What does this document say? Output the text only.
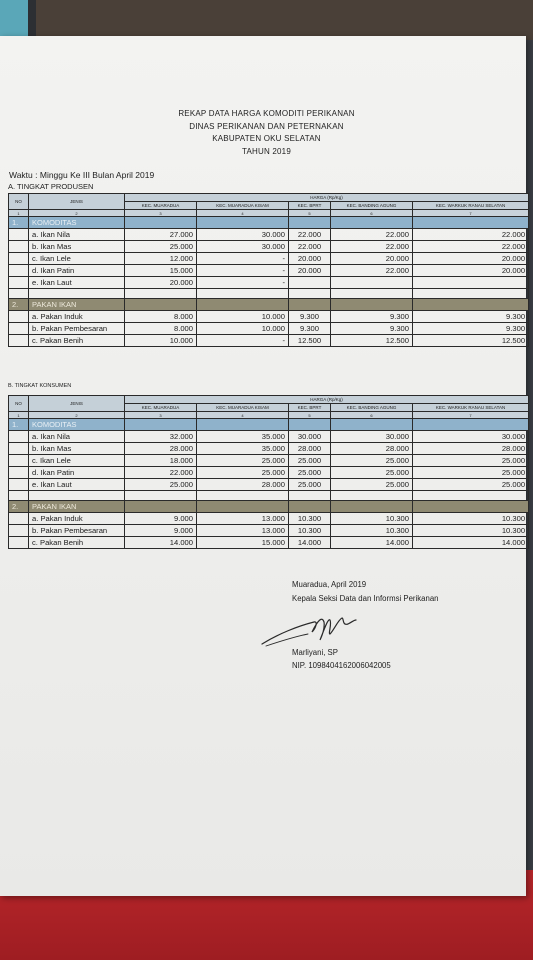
REKAP DATA HARGA KOMODITI PERIKANAN
DINAS PERIKANAN DAN PETERNAKAN
KABUPATEN OKU SELATAN
TAHUN 2019
Waktu : Minggu Ke III Bulan April 2019
A. TINGKAT PRODUSEN
NO	JENIS	HARGA (Rp/Kg)				
		KEC. MUARADUA	KEC. MUARADUA KISAM	KEC. BPRT	KEC. BANDING AGUNG	KEC. WARKUK RANAU SELATAN
1	2	3	4	5	6	7
1.	KOMODITAS					
	a. Ikan Nila	27.000	30.000	22.000	22.000	22.000
	b. Ikan Mas	25.000	30.000	22.000	22.000	22.000
	c. Ikan Lele	12.000	-	20.000	20.000	20.000
	d. Ikan Patin	15.000	-	20.000	22.000	20.000
	e. Ikan Laut	20.000	-			

2.	PAKAN IKAN					
	a. Pakan Induk	8.000	10.000	9.300	9.300	9.300
	b. Pakan Pembesaran	8.000	10.000	9.300	9.300	9.300
	c. Pakan Benih	10.000	-	12.500	12.500	12.500
B. TINGKAT KONSUMEN
NO	JENIS	HARGA (Rp/Kg)				
		KEC. MUARADUA	KEC. MUARADUA KISAM	KEC. BPRT	KEC. BANDING AGUNG	KEC. WARKUK RANAU SELATAN
1	2	3	4	5	6	7
1.	KOMODITAS					
	a. Ikan Nila	32.000	35.000	30.000	30.000	30.000
	b. Ikan Mas	28.000	35.000	28.000	28.000	28.000
	c. Ikan Lele	18.000	25.000	25.000	25.000	25.000
	d. Ikan Patin	22.000	25.000	25.000	25.000	25.000
	e. Ikan Laut	25.000	28.000	25.000	25.000	25.000

2.	PAKAN IKAN					
	a. Pakan Induk	9.000	13.000	10.300	10.300	10.300
	b. Pakan Pembesaran	9.000	13.000	10.300	10.300	10.300
	c. Pakan Benih	14.000	15.000	14.000	14.000	14.000
Muaradua, April 2019
Kepala Seksi Data dan Informsi Perikanan
Marliyani, SP
NIP. 1098404162006042005
